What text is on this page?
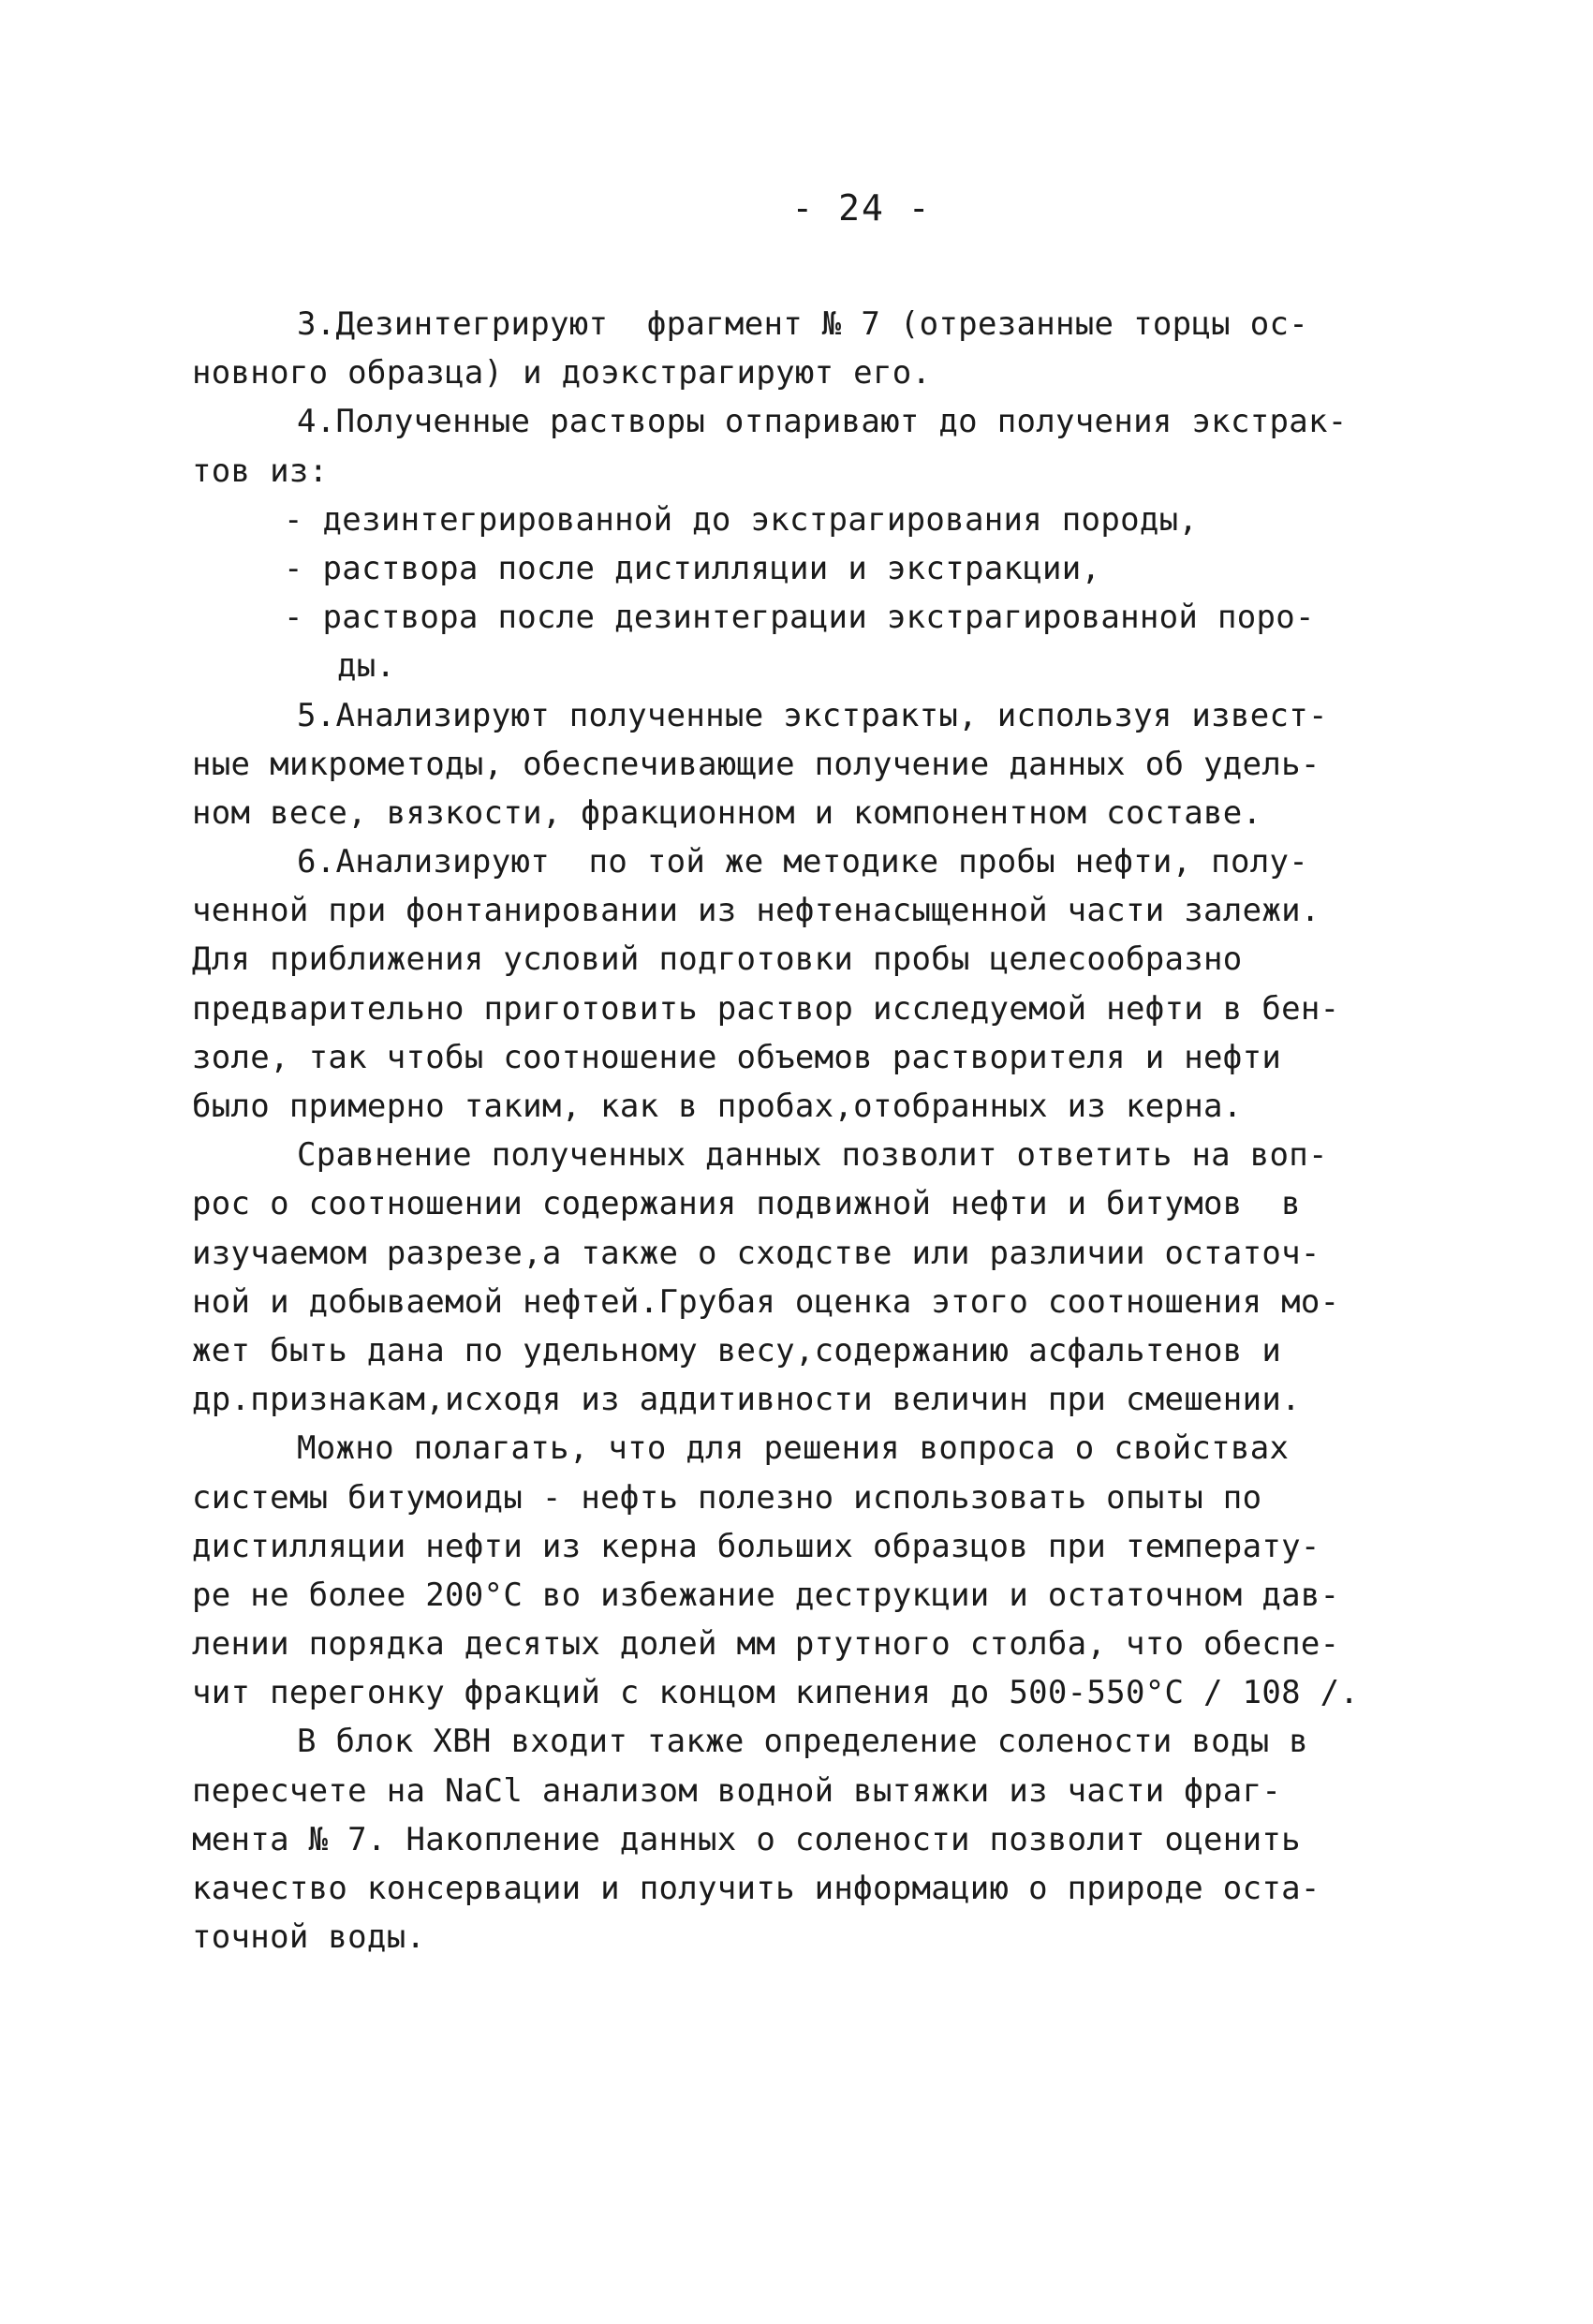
- 24 -
З.Дезинтегрируют  фрагмент № 7 (отрезанные торцы ос-
новного образца) и доэкстрагируют его.
4.Полученные растворы отпаривают до получения экстрак-
тов из:
- дезинтегрированной до экстрагирования породы,
- раствора после дистилляции и экстракции,
- раствора после дезинтеграции экстрагированной поро-
ды.
5.Анализируют полученные экстракты, используя извест-
ные микрометоды, обеспечивающие получение данных об удель-
ном весе, вязкости, фракционном и компонентном составе.
6.Анализируют  по той же методике пробы нефти, полу-
ченной при фонтанировании из нефтенасыщенной части залежи.
Для приближения условий подготовки пробы целесообразно
предварительно приготовить раствор исследуемой нефти в бен-
золе, так чтобы соотношение объемов растворителя и нефти
было примерно таким, как в пробах,отобранных из керна.
Сравнение полученных данных позволит ответить на воп-
рос о соотношении содержания подвижной нефти и битумов  в
изучаемом разрезе,а также о сходстве или различии остаточ-
ной и добываемой нефтей.Грубая оценка этого соотношения мо-
жет быть дана по удельному весу,содержанию асфальтенов и
др.признакам,исходя из аддитивности величин при смешении.
Можно полагать, что для решения вопроса о свойствах
системы битумоиды - нефть полезно использовать опыты по
дистилляции нефти из керна больших образцов при температу-
ре не более 200°С во избежание деструкции и остаточном дав-
лении порядка десятых долей мм ртутного столба, что обеспе-
чит перегонку фракций с концом кипения до 500-550°С / 108 /.
В блок ХВН входит также определение солености воды в
пересчете на NaCl анализом водной вытяжки из части фраг-
мента № 7. Накопление данных о солености позволит оценить
качество консервации и получить информацию о природе оста-
точной воды.
